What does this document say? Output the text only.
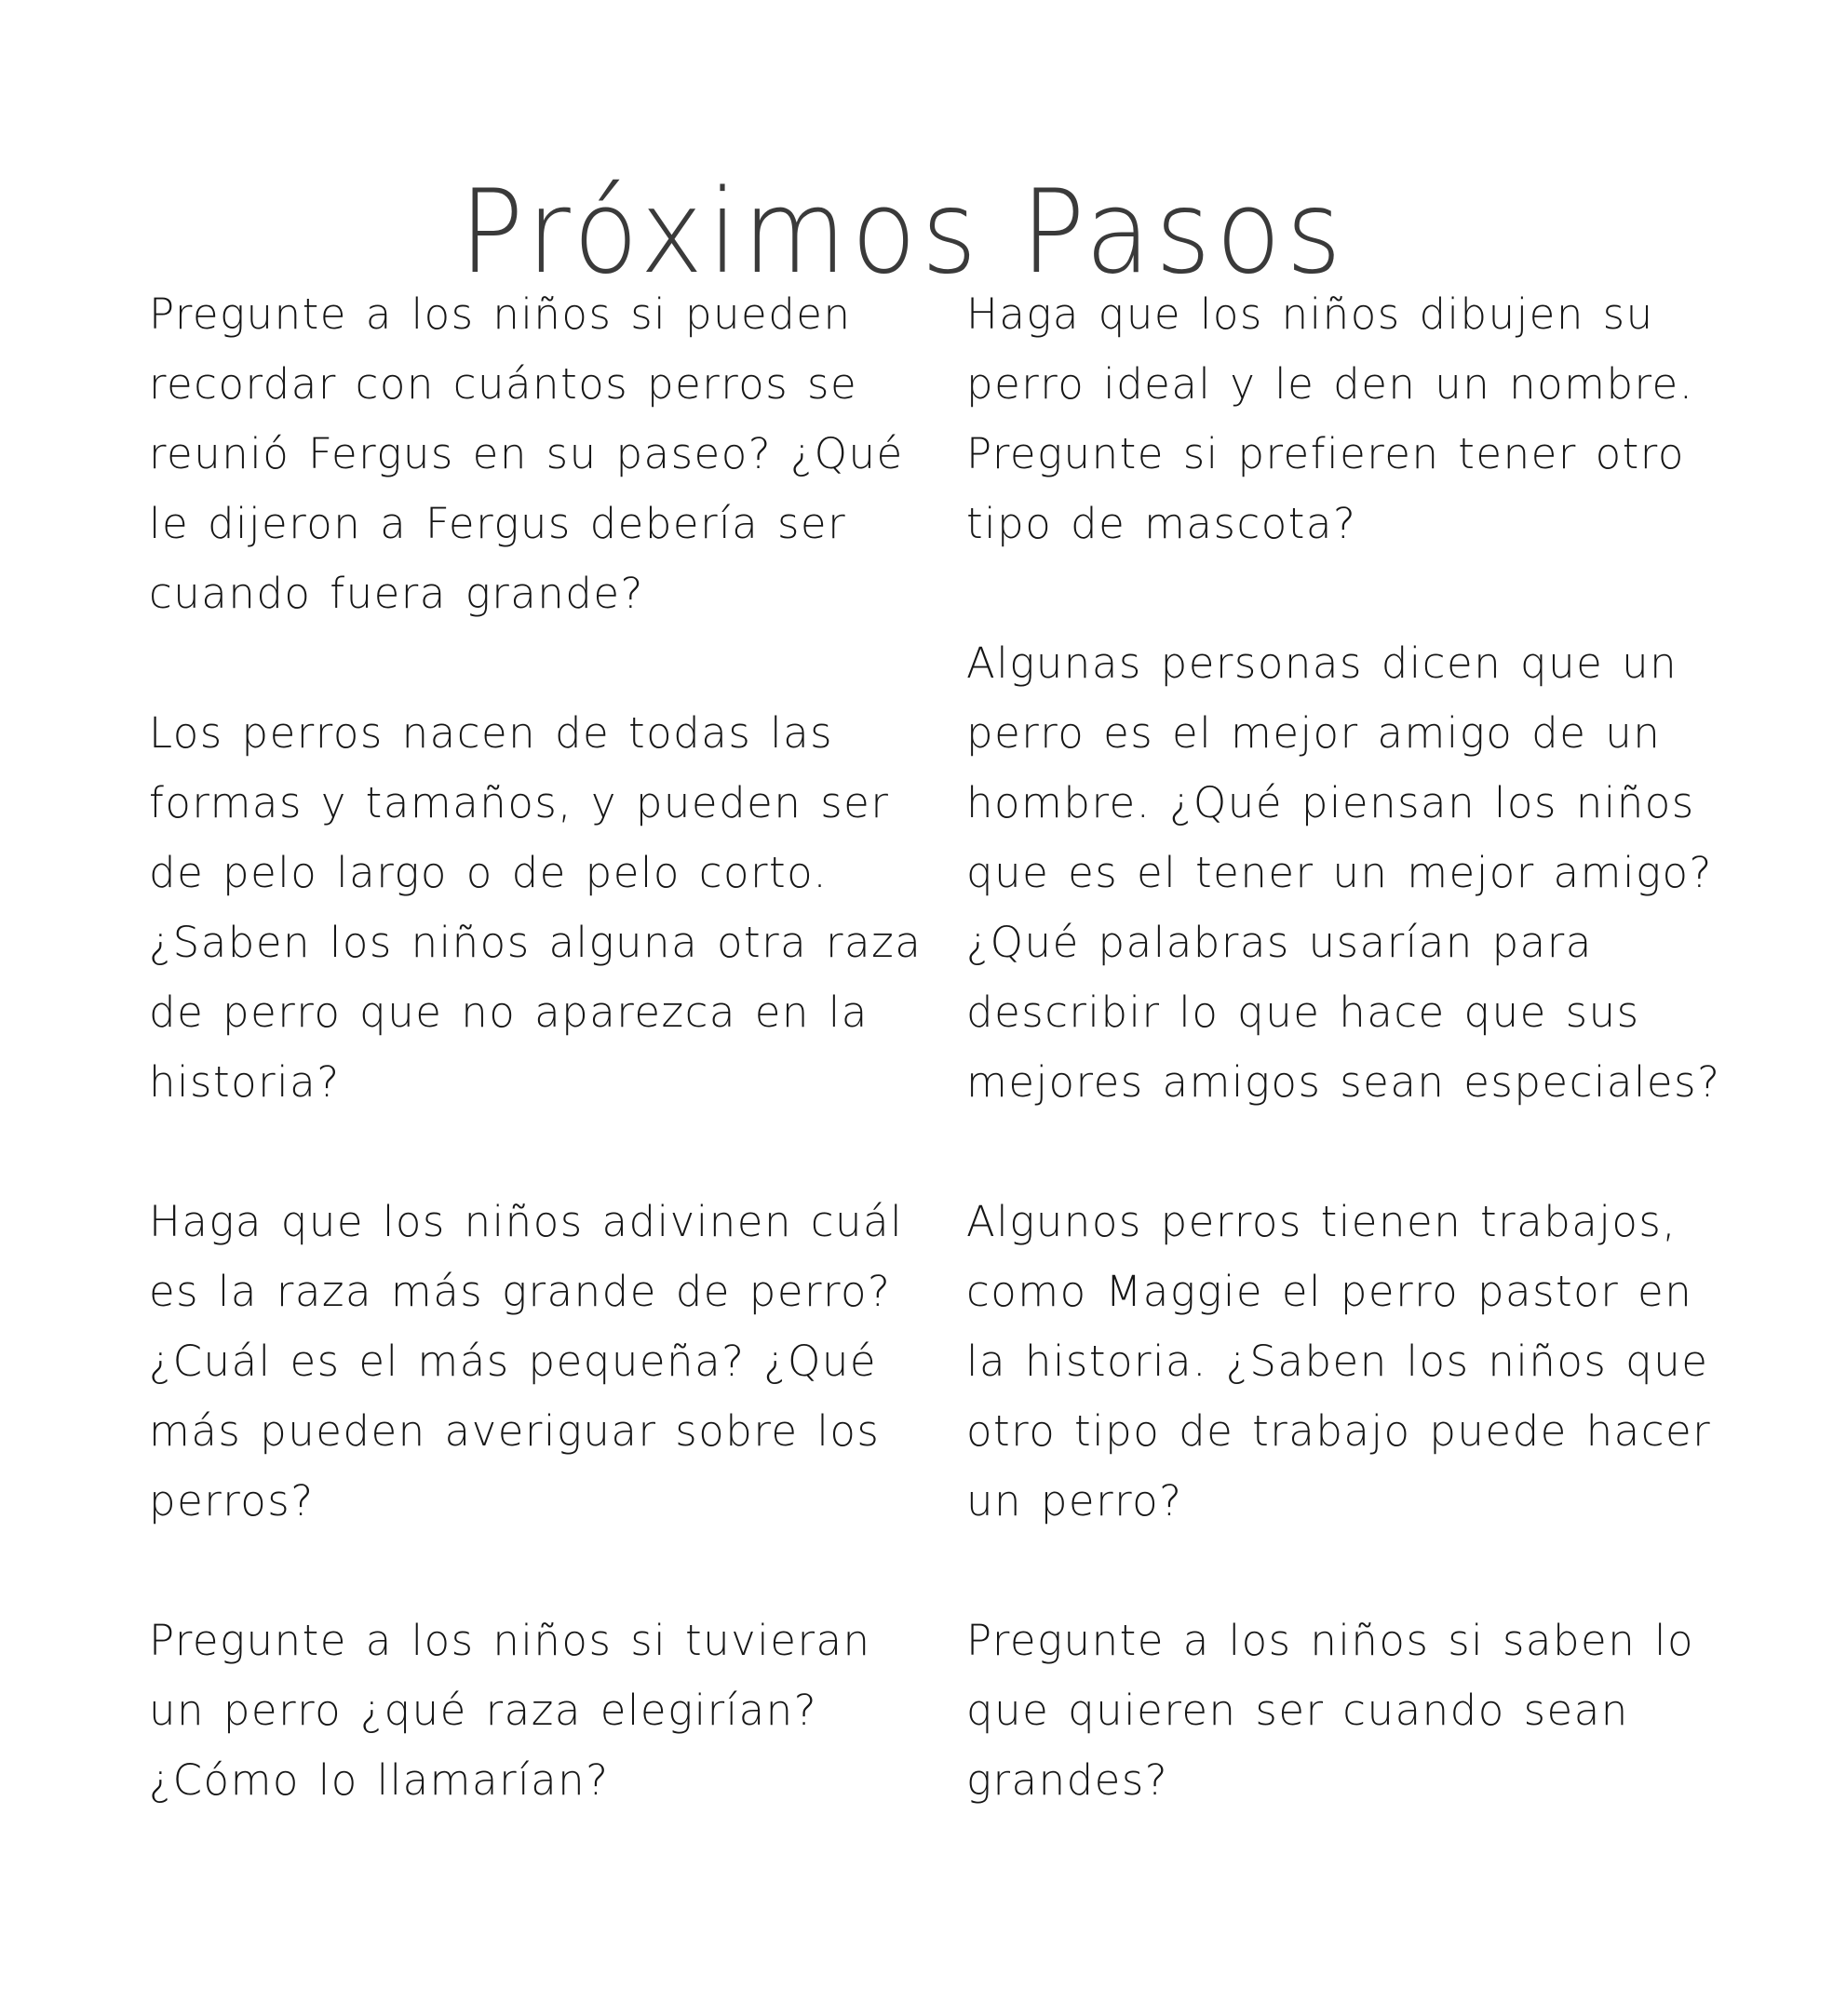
Próximos Pasos

Pregunte a los niños si pueden recordar con cuántos perros se reunió Fergus en su paseo? ¿Qué le dijeron a Fergus debería ser cuando fuera grande?

Los perros nacen de todas las formas y tamaños, y pueden ser de pelo largo o de pelo corto. ¿Saben los niños alguna otra raza de perro que no aparezca en la historia?

Haga que los niños adivinen cuál es la raza más grande de perro? ¿Cuál es el más pequeña? ¿Qué más pueden averiguar sobre los perros?

Pregunte a los niños si tuvieran un perro ¿qué raza elegirían? ¿Cómo lo llamarían?

Haga que los niños dibujen su perro ideal y le den un nombre. Pregunte si prefieren tener otro tipo de mascota?

Algunas personas dicen que un perro es el mejor amigo de un hombre. ¿Qué piensan los niños que es el tener un mejor amigo? ¿Qué palabras usarían para describir lo que hace que sus mejores amigos sean especiales?

Algunos perros tienen trabajos, como Maggie el perro pastor en la historia. ¿Saben los niños que otro tipo de trabajo puede hacer un perro?

Pregunte a los niños si saben lo que quieren ser cuando sean grandes?
